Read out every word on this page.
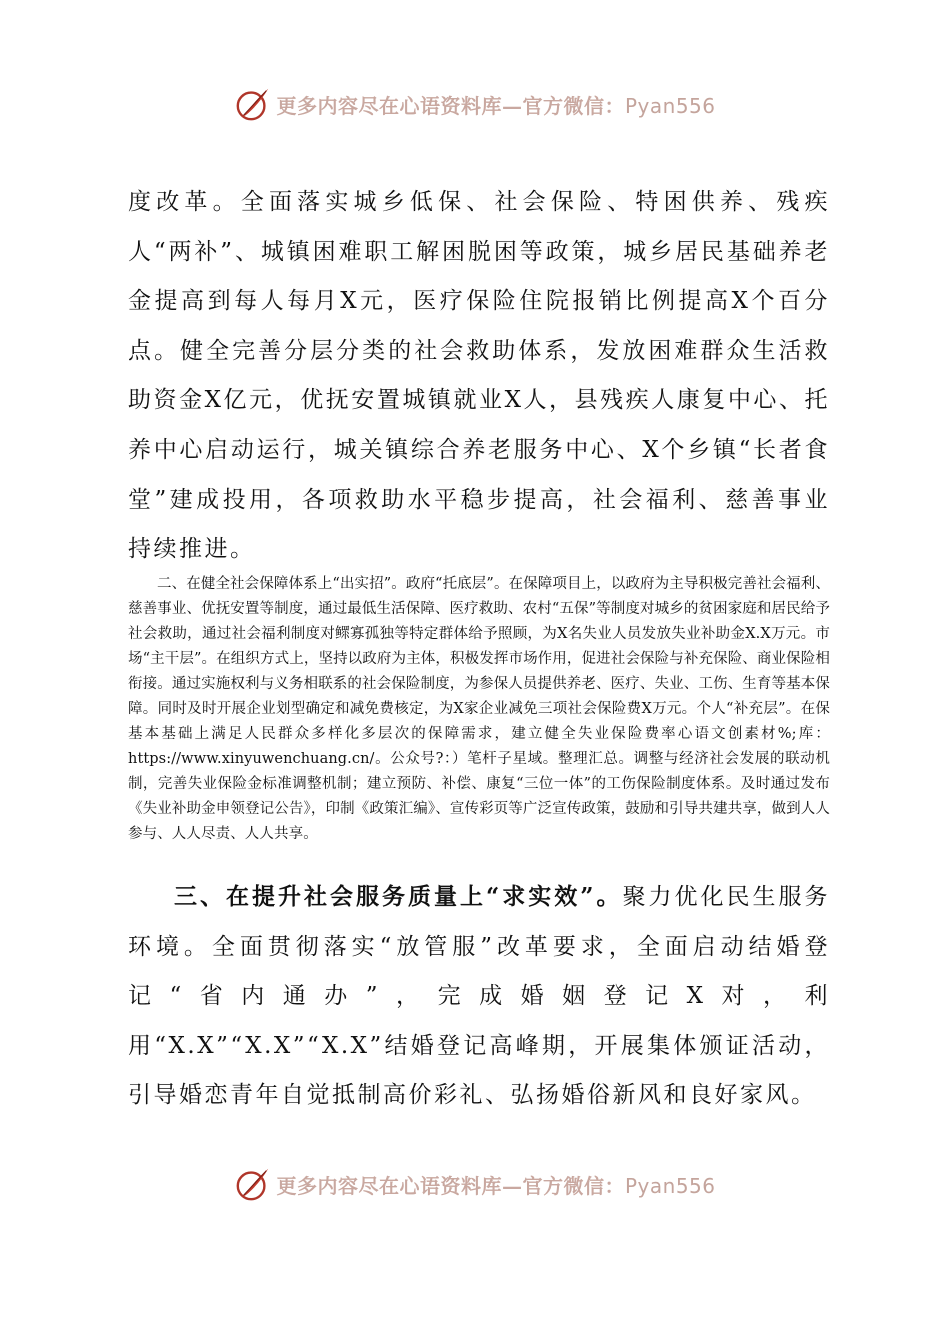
更多内容尽在心语资料库—官方微信：Pyan556

度改革。全面落实城乡低保、社会保险、特困供养、残疾人“两补”、城镇困难职工解困脱困等政策，城乡居民基础养老金提高到每人每月X元，医疗保险住院报销比例提高X个百分点。健全完善分层分类的社会救助体系，发放困难群众生活救助资金X亿元，优抚安置城镇就业X人，县残疾人康复中心、托养中心启动运行，城关镇综合养老服务中心、X个乡镇“长者食堂”建成投用，各项救助水平稳步提高，社会福利、慈善事业持续推进。

二、在健全社会保障体系上“出实招”。政府“托底层”。在保障项目上，以政府为主导积极完善社会福利、慈善事业、优抚安置等制度，通过最低生活保障、医疗救助、农村“五保”等制度对城乡的贫困家庭和居民给予社会救助，通过社会福利制度对鳏寡孤独等特定群体给予照顾，为X名失业人员发放失业补助金X.X万元。市场“主干层”。在组织方式上，坚持以政府为主体，积极发挥市场作用，促进社会保险与补充保险、商业保险相衔接。通过实施权利与义务相联系的社会保险制度，为参保人员提供养老、医疗、失业、工伤、生育等基本保障。同时及时开展企业划型确定和减免费核定，为X家企业减免三项社会保险费X万元。个人“补充层”。在保基本基础上满足人民群众多样化多层次的保障需求，建立健全失业保险费率心语文创素材%;库：https://www.xinyuwenchuang.cn/。公众号?：）笔杆子星域。整理汇总。调整与经济社会发展的联动机制，完善失业保险金标准调整机制；建立预防、补偿、康复“三位一体”的工伤保险制度体系。及时通过发布《失业补助金申领登记公告》，印制《政策汇编》、宣传彩页等广泛宣传政策，鼓励和引导共建共享，做到人人参与、人人尽责、人人共享。

三、在提升社会服务质量上“求实效”。聚力优化民生服务环境。全面贯彻落实“放管服”改革要求，全面启动结婚登记“省内通办”，完成婚姻登记X对，利用“X.X”“X.X”“X.X”结婚登记高峰期，开展集体颁证活动，引导婚恋青年自觉抵制高价彩礼、弘扬婚俗新风和良好家风。

更多内容尽在心语资料库—官方微信：Pyan556
